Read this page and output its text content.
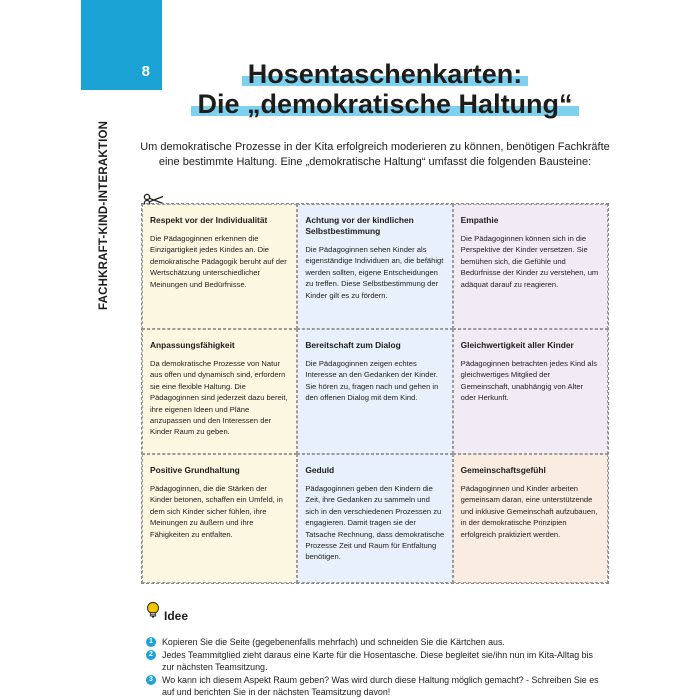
8
FACHKRAFT-KIND-INTERAKTION
Hosentaschenkarten:
Die „demokratische Haltung“
Um demokratische Prozesse in der Kita erfolgreich moderieren zu können, benötigen Fachkräfte eine bestimmte Haltung. Eine „demokratische Haltung“ umfasst die folgenden Bausteine:
Respekt vor der Individualität
Die Pädagoginnen erkennen die Einzigartigkeit jedes Kindes an. Die demokratische Pädagogik beruht auf der Wertschätzung unterschiedlicher Meinungen und Bedürfnisse.
Achtung vor der kindlichen Selbstbestimmung
Die Pädagoginnen sehen Kinder als eigenständige Individuen an, die befähigt werden sollten, eigene Entscheidungen zu treffen. Diese Selbstbestimmung der Kinder gilt es zu fördern.
Empathie
Die Pädagoginnen können sich in die Perspektive der Kinder versetzen. Sie bemühen sich, die Gefühle und Bedürfnisse der Kinder zu verstehen, um adäquat darauf zu reagieren.
Anpassungsfähigkeit
Da demokratische Prozesse von Natur aus offen und dynamisch sind, erfordern sie eine flexible Haltung. Die Pädagoginnen sind jederzeit dazu bereit, ihre eigenen Ideen und Pläne anzupassen und den Interessen der Kinder Raum zu geben.
Bereitschaft zum Dialog
Die Pädagoginnen zeigen echtes Interesse an den Gedanken der Kinder. Sie hören zu, fragen nach und gehen in den offenen Dialog mit dem Kind.
Gleichwertigkeit aller Kinder
Pädagoginnen betrachten jedes Kind als gleichwertiges Mitglied der Gemeinschaft, unabhängig von Alter oder Herkunft.
Positive Grundhaltung
Pädagoginnen, die die Stärken der Kinder betonen, schaffen ein Umfeld, in dem sich Kinder sicher fühlen, ihre Meinungen zu äußern und ihre Fähigkeiten zu entfalten.
Geduld
Pädagoginnen geben den Kindern die Zeit, ihre Gedanken zu sammeln und sich in den verschiedenen Prozessen zu engagieren. Damit tragen sie der Tatsache Rechnung, dass demokratische Prozesse Zeit und Raum für Entfaltung benötigen.
Gemeinschaftsgefühl
Pädagoginnen und Kinder arbeiten gemeinsam daran, eine unterstützende und inklusive Gemeinschaft aufzubauen, in der demokratische Prinzipien erfolgreich praktiziert werden.
Idee
1	Kopieren Sie die Seite (gegebenenfalls mehrfach) und schneiden Sie die Kärtchen aus.
2	Jedes Teammitglied zieht daraus eine Karte für die Hosentasche. Diese begleitet sie/ihn nun im Kita-Alltag bis zur nächsten Teamsitzung.
3	Wo kann ich diesem Aspekt Raum geben? Was wird durch diese Haltung möglich gemacht? - Schreiben Sie es auf und berichten Sie in der nächsten Teamsitzung davon!
